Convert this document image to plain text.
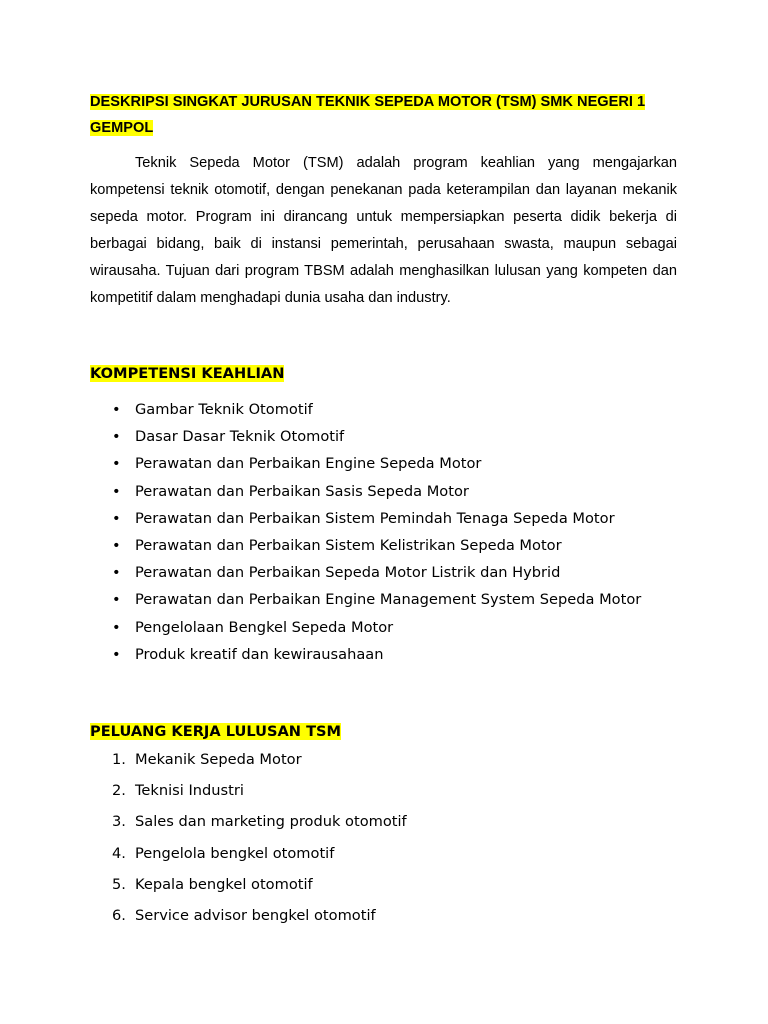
DESKRIPSI SINGKAT JURUSAN TEKNIK SEPEDA MOTOR (TSM) SMK NEGERI 1 GEMPOL

Teknik Sepeda Motor (TSM) adalah program keahlian yang mengajarkan kompetensi teknik otomotif, dengan penekanan pada keterampilan dan layanan mekanik sepeda motor. Program ini dirancang untuk mempersiapkan peserta didik bekerja di berbagai bidang, baik di instansi pemerintah, perusahaan swasta, maupun sebagai wirausaha. Tujuan dari program TBSM adalah menghasilkan lulusan yang kompeten dan kompetitif dalam menghadapi dunia usaha dan industry.

KOMPETENSI KEAHLIAN

• Gambar Teknik Otomotif
• Dasar Dasar Teknik Otomotif
• Perawatan dan Perbaikan Engine Sepeda Motor
• Perawatan dan Perbaikan Sasis Sepeda Motor
• Perawatan dan Perbaikan Sistem Pemindah Tenaga Sepeda Motor
• Perawatan dan Perbaikan Sistem Kelistrikan Sepeda Motor
• Perawatan dan Perbaikan Sepeda Motor Listrik dan Hybrid
• Perawatan dan Perbaikan Engine Management System Sepeda Motor
• Pengelolaan Bengkel Sepeda Motor
• Produk kreatif dan kewirausahaan

PELUANG KERJA LULUSAN TSM

1. Mekanik Sepeda Motor
2. Teknisi Industri
3. Sales dan marketing produk otomotif
4. Pengelola bengkel otomotif
5. Kepala bengkel otomotif
6. Service advisor bengkel otomotif
